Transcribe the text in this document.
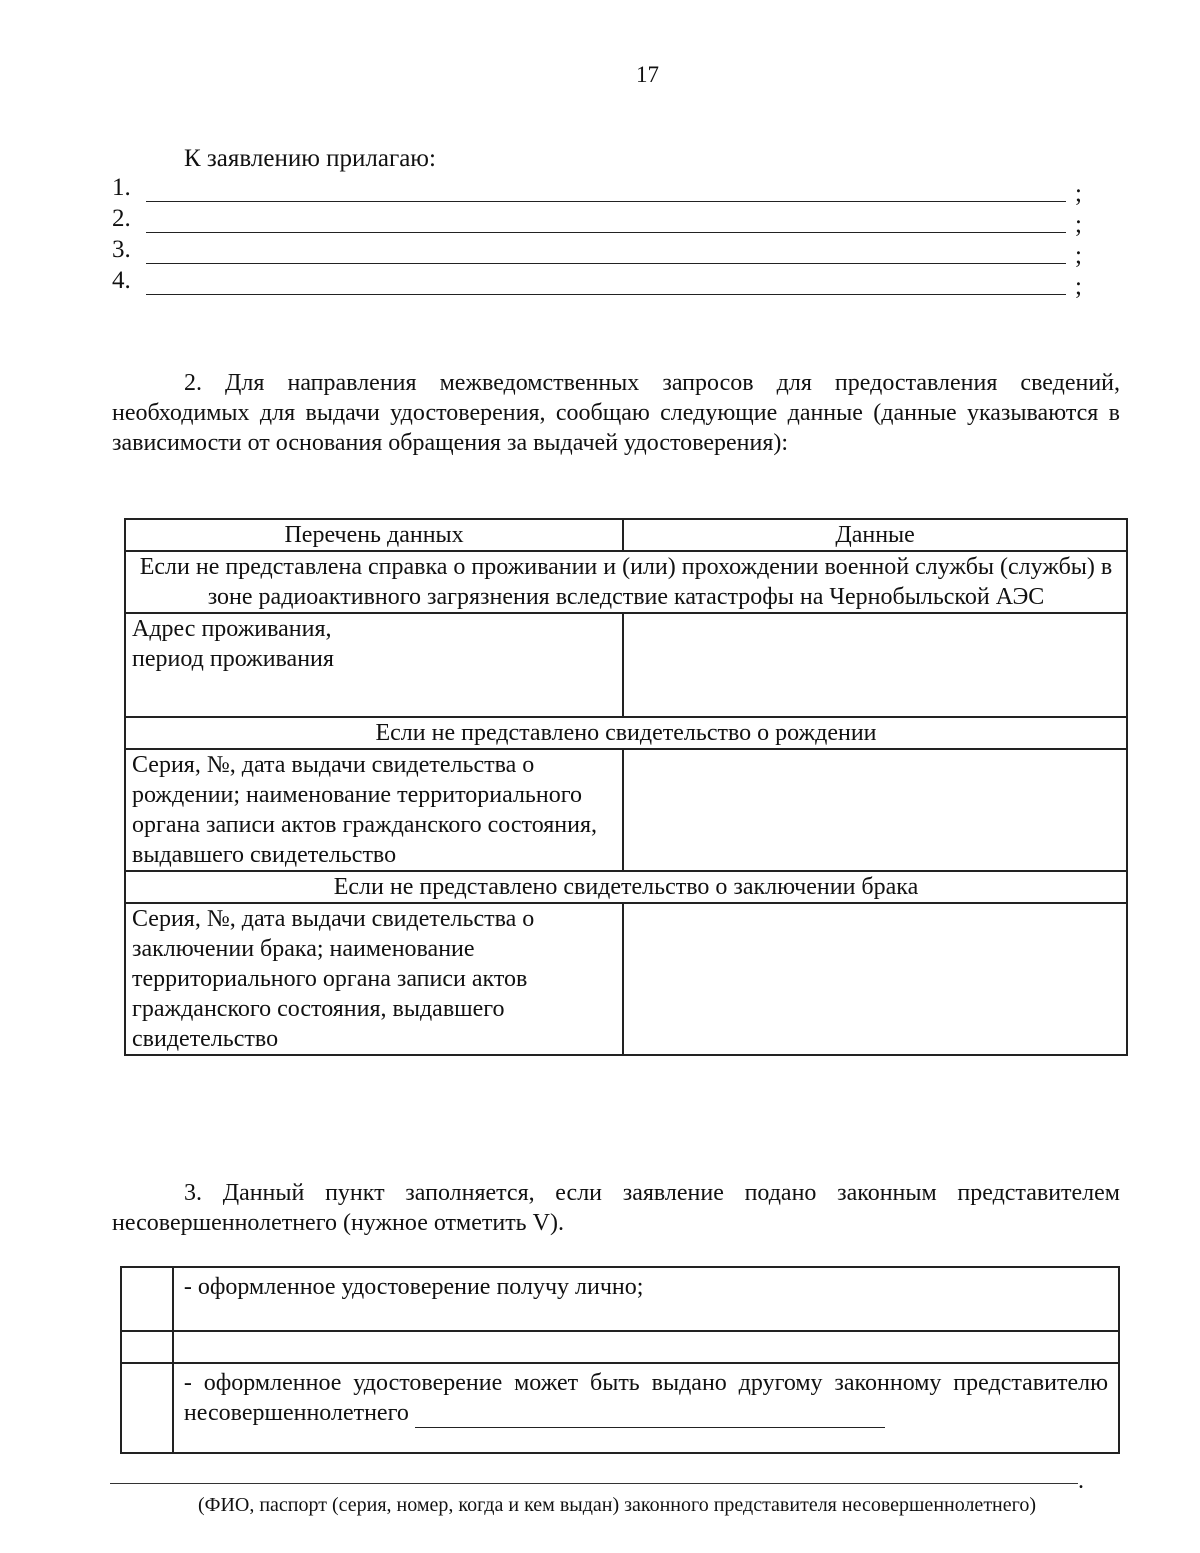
17
К заявлению прилагаю:
1.	;
2.	;
3.	;
4.	;

2. Для направления межведомственных запросов для предоставления сведений, необходимых для выдачи удостоверения, сообщаю следующие данные (данные указываются в зависимости от основания обращения за выдачей удостоверения):

Перечень данных	Данные
Если не представлена справка о проживании и (или) прохождении военной службы (службы) в зоне радиоактивного загрязнения вследствие катастрофы на Чернобыльской АЭС	

Адрес проживания,
период проживания	

Если не представлено свидетельство о рождении	
Серия, №, дата выдачи свидетельства о рождении; наименование территориального органа записи актов гражданского состояния, выдавшего свидетельство	
Если не представлено свидетельство о заключении брака	
Серия, №, дата выдачи свидетельства о заключении брака; наименование территориального органа записи актов гражданского состояния, выдавшего свидетельство	

3. Данный пункт заполняется, если заявление подано законным представителем несовершеннолетнего (нужное отметить V).

	- оформленное удостоверение получу лично;

	- оформленное удостоверение может быть выдано другому законному представителю несовершеннолетнего
.
(ФИО, паспорт (серия, номер, когда и кем выдан) законного представителя несовершеннолетнего)
